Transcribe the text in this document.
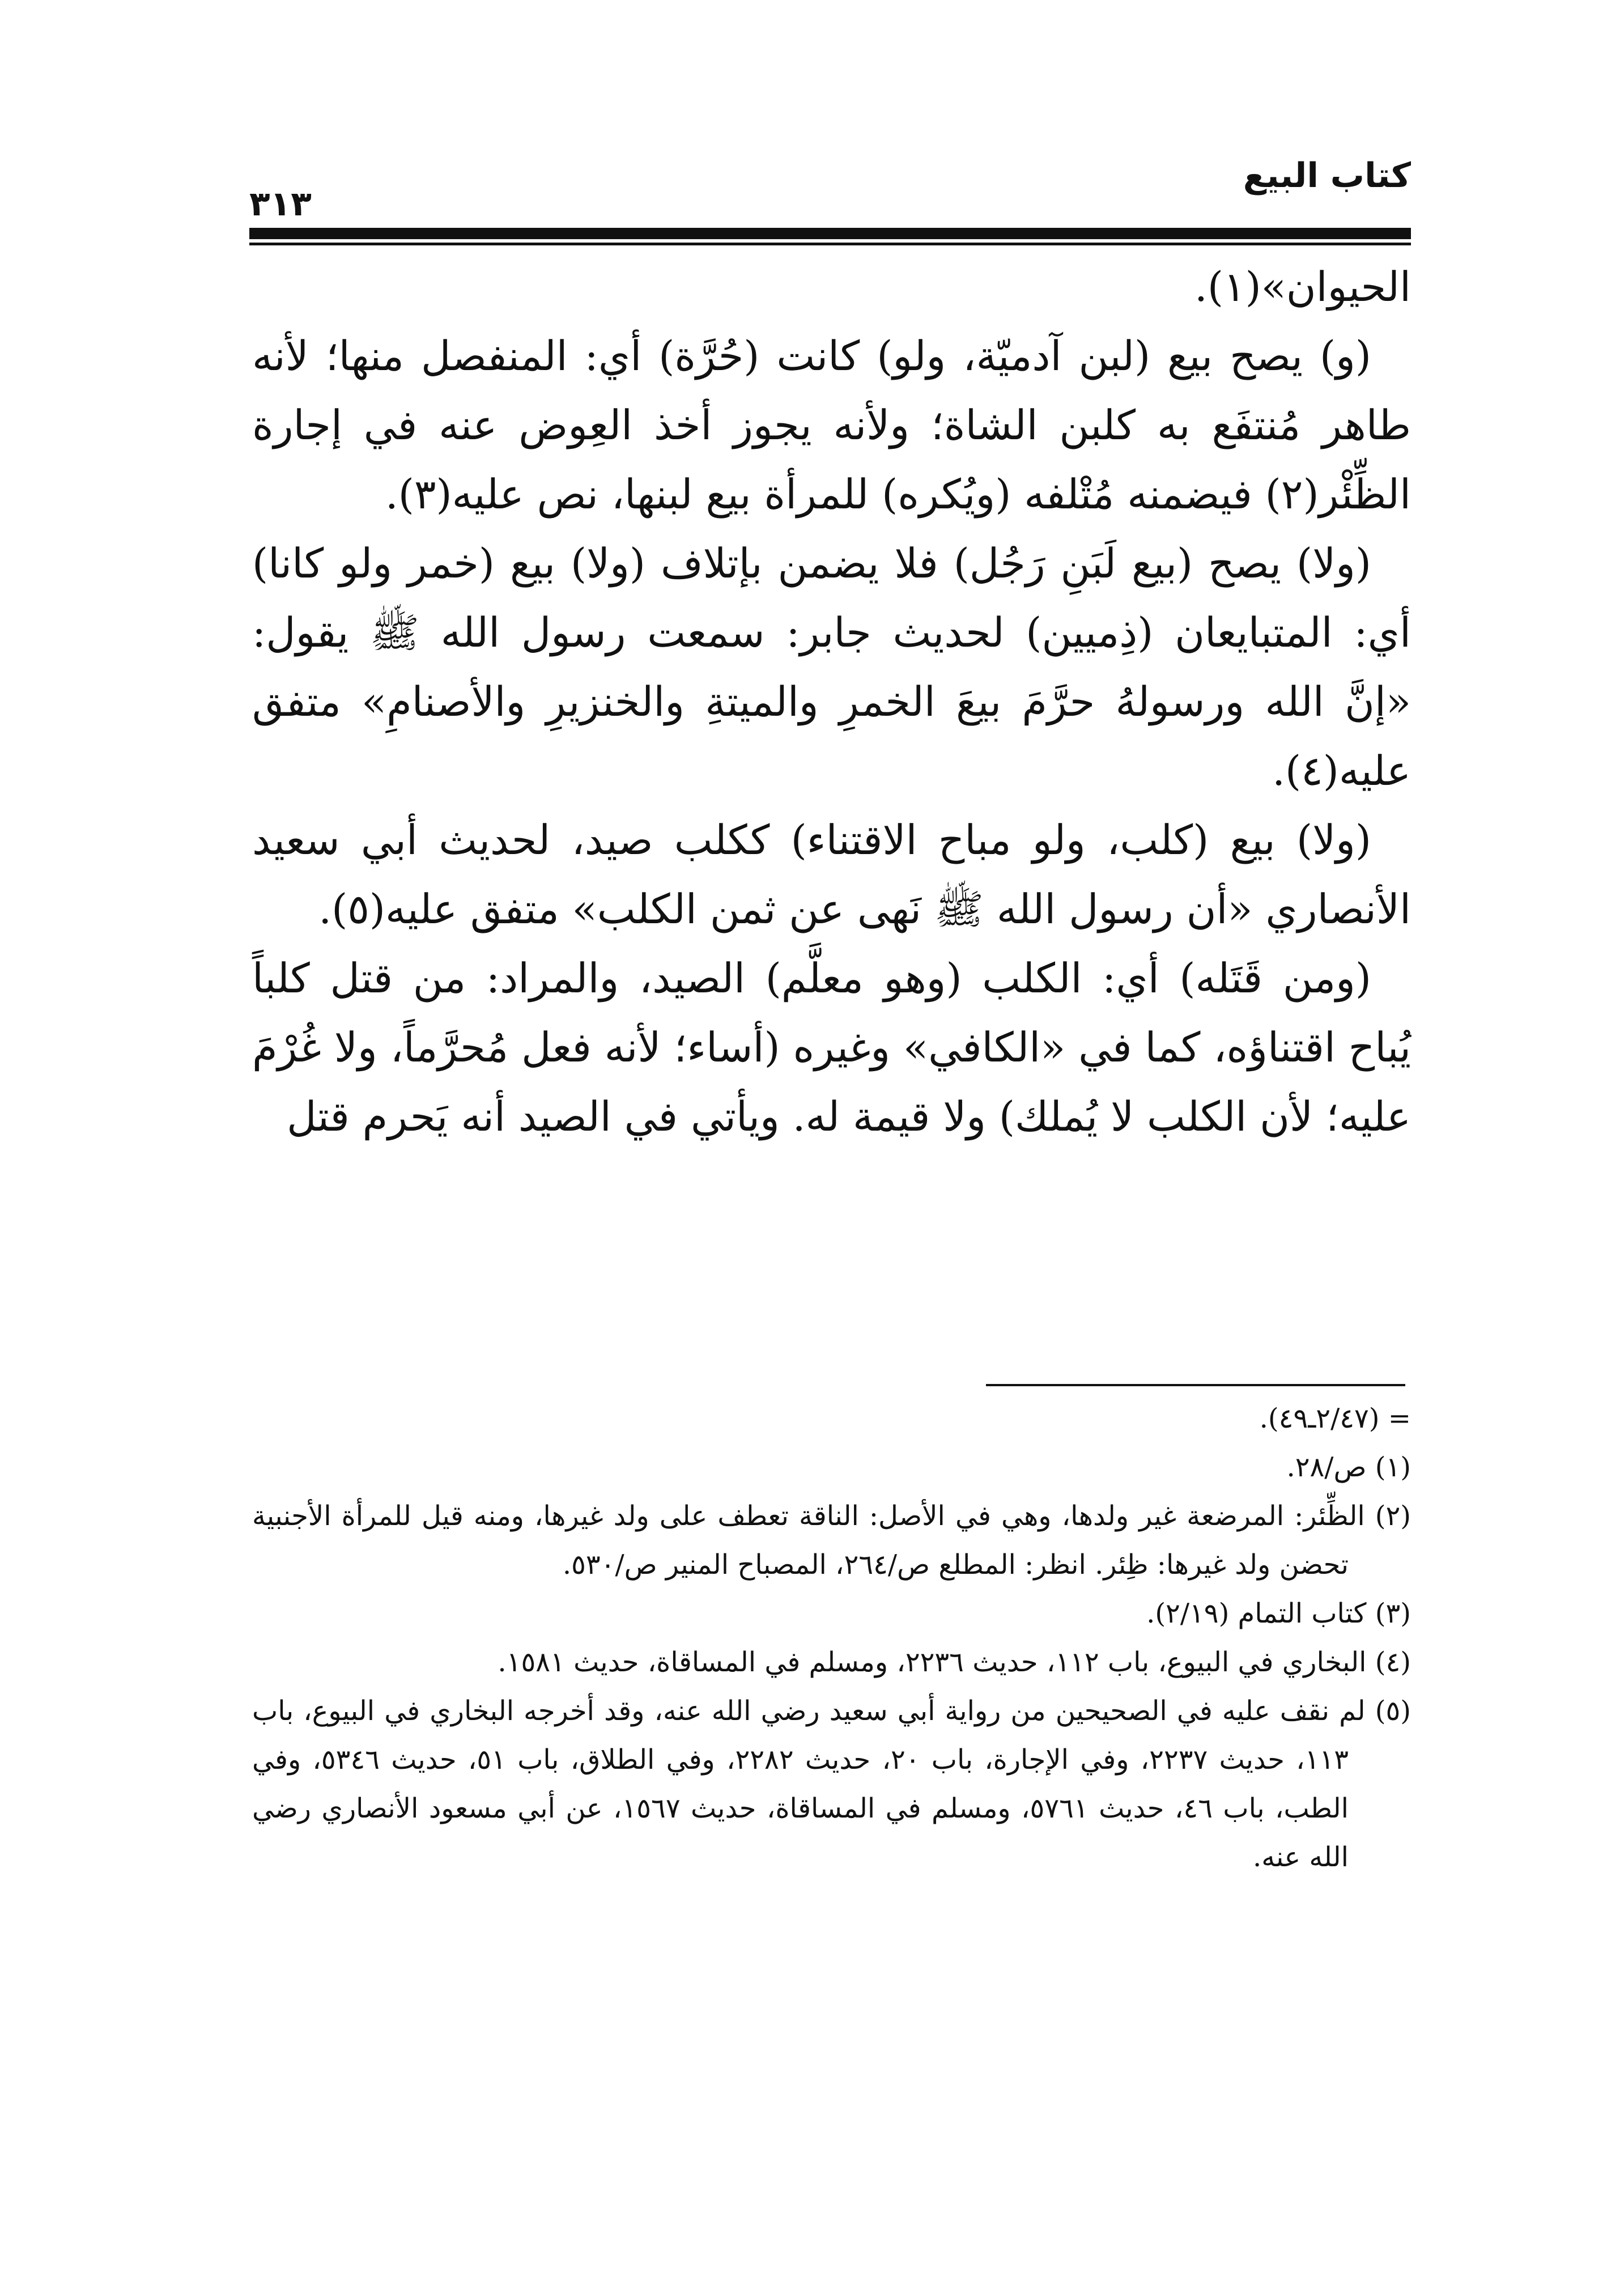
كتاب البيع
٣١٣

الحيوان»(١).

(و) يصح بيع (لبن آدميّة، ولو) كانت (حُرَّة) أي: المنفصل منها؛ لأنه طاهر مُنتفَع به كلبن الشاة؛ ولأنه يجوز أخذ العِوض عنه في إجارة الظِّئْر(٢) فيضمنه مُتْلفه (ويُكره) للمرأة بيع لبنها، نص عليه(٣).

(ولا) يصح (بيع لَبَنِ رَجُل) فلا يضمن بإتلاف (ولا) بيع (خمر ولو كانا) أي: المتبايعان (ذِميين) لحديث جابر: سمعت رسول الله ﷺ يقول: «إنَّ الله ورسولهُ حرَّمَ بيعَ الخمرِ والميتةِ والخنزيرِ والأصنامِ» متفق عليه(٤).

(ولا) بيع (كلب، ولو مباح الاقتناء) ككلب صيد، لحديث أبي سعيد الأنصاري «أن رسول الله ﷺ نَهى عن ثمن الكلب» متفق عليه(٥).

(ومن قَتَله) أي: الكلب (وهو معلَّم) الصيد، والمراد: من قتل كلباً يُباح اقتناؤه، كما في «الكافي» وغيره (أساء؛ لأنه فعل مُحرَّماً، ولا غُرْمَ عليه؛ لأن الكلب لا يُملك) ولا قيمة له. ويأتي في الصيد أنه يَحرم قتل

= (٢/٤٧ـ٤٩).

(١) ص/٢٨.

(٢) الظِّئر: المرضعة غير ولدها، وهي في الأصل: الناقة تعطف على ولد غيرها، ومنه قيل للمرأة الأجنبية تحضن ولد غيرها: ظِئر. انظر: المطلع ص/٢٦٤، المصباح المنير ص/٥٣٠.

(٣) كتاب التمام (٢/١٩).

(٤) البخاري في البيوع، باب ١١٢، حديث ٢٢٣٦، ومسلم في المساقاة، حديث ١٥٨١.

(٥) لم نقف عليه في الصحيحين من رواية أبي سعيد رضي الله عنه، وقد أخرجه البخاري في البيوع، باب ١١٣، حديث ٢٢٣٧، وفي الإجارة، باب ٢٠، حديث ٢٢٨٢، وفي الطلاق، باب ٥١، حديث ٥٣٤٦، وفي الطب، باب ٤٦، حديث ٥٧٦١، ومسلم في المساقاة، حديث ١٥٦٧، عن أبي مسعود الأنصاري رضي الله عنه.
